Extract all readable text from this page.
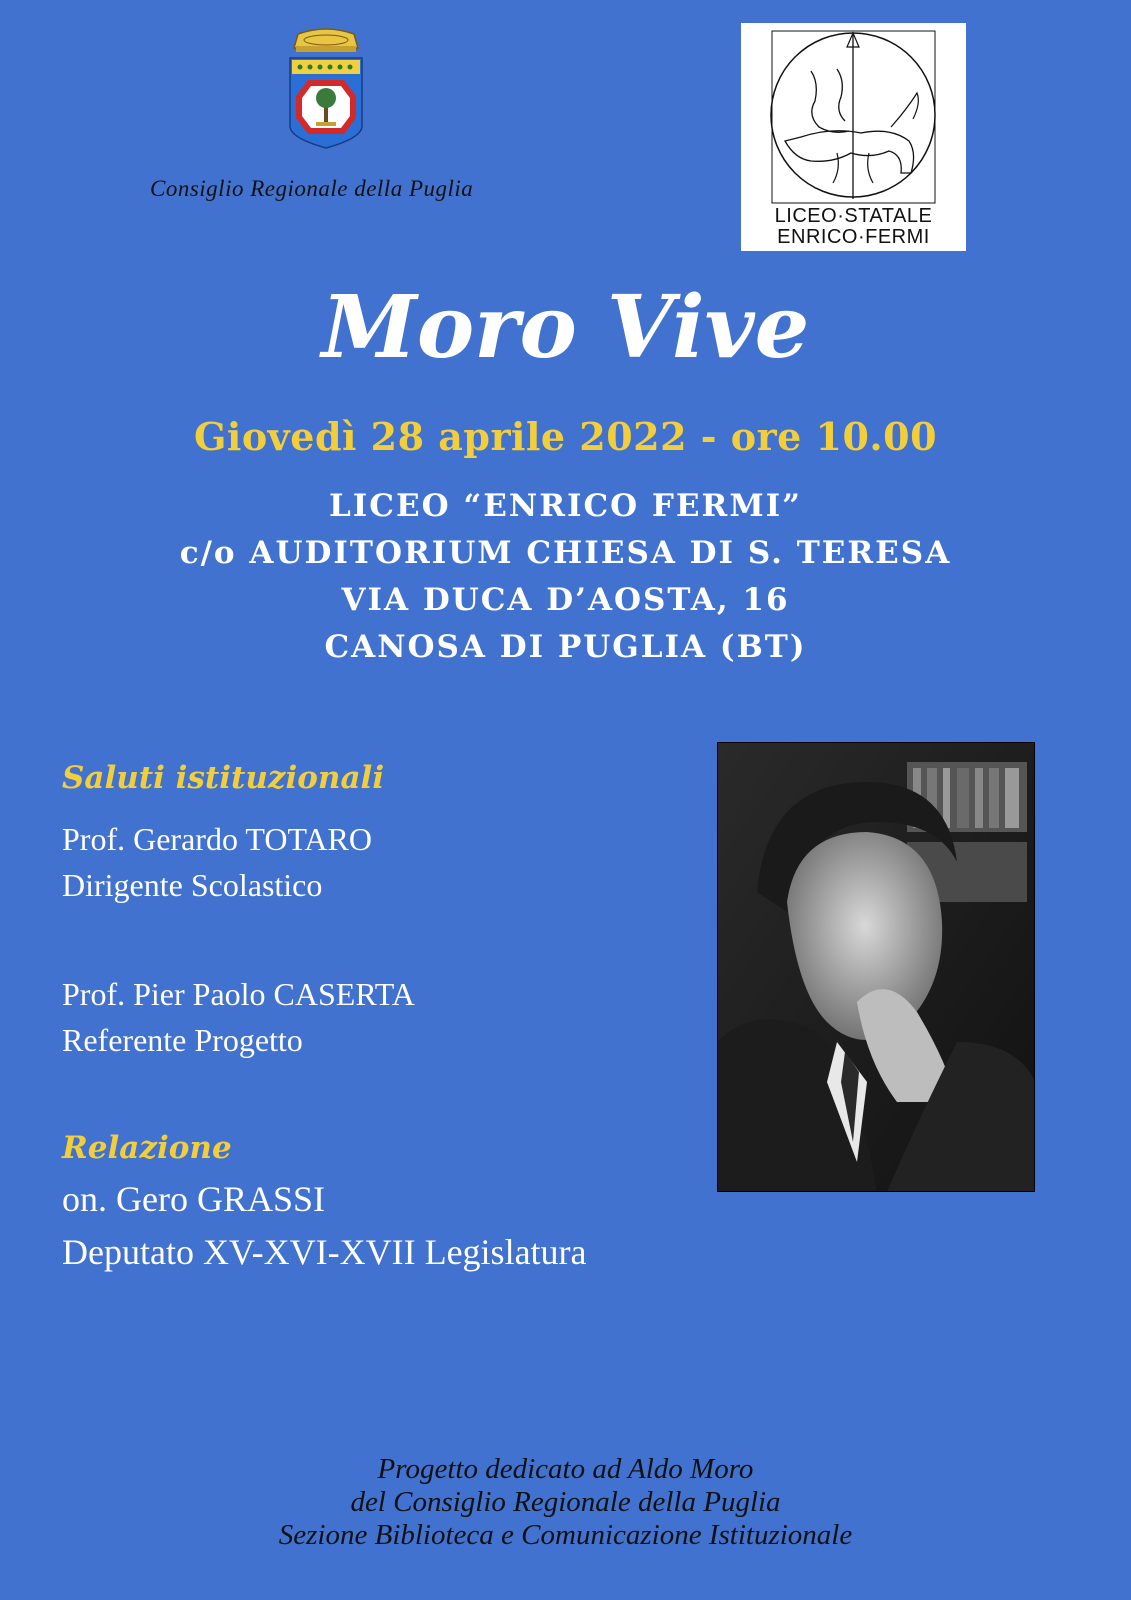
Consiglio Regionale della Puglia
LICEO·STATALE
ENRICO·FERMI
Moro Vive
Giovedì 28 aprile 2022 - ore 10.00
LICEO “ENRICO FERMI”
c/o AUDITORIUM CHIESA DI S. TERESA
VIA DUCA D’AOSTA, 16
CANOSA DI PUGLIA (BT)
Saluti istituzionali
Prof. Gerardo TOTARO
Dirigente Scolastico
Prof. Pier Paolo CASERTA
Referente Progetto
Relazione
on. Gero GRASSI
Deputato XV-XVI-XVII Legislatura
Progetto dedicato ad Aldo Moro
del Consiglio Regionale della Puglia
Sezione Biblioteca e Comunicazione Istituzionale
